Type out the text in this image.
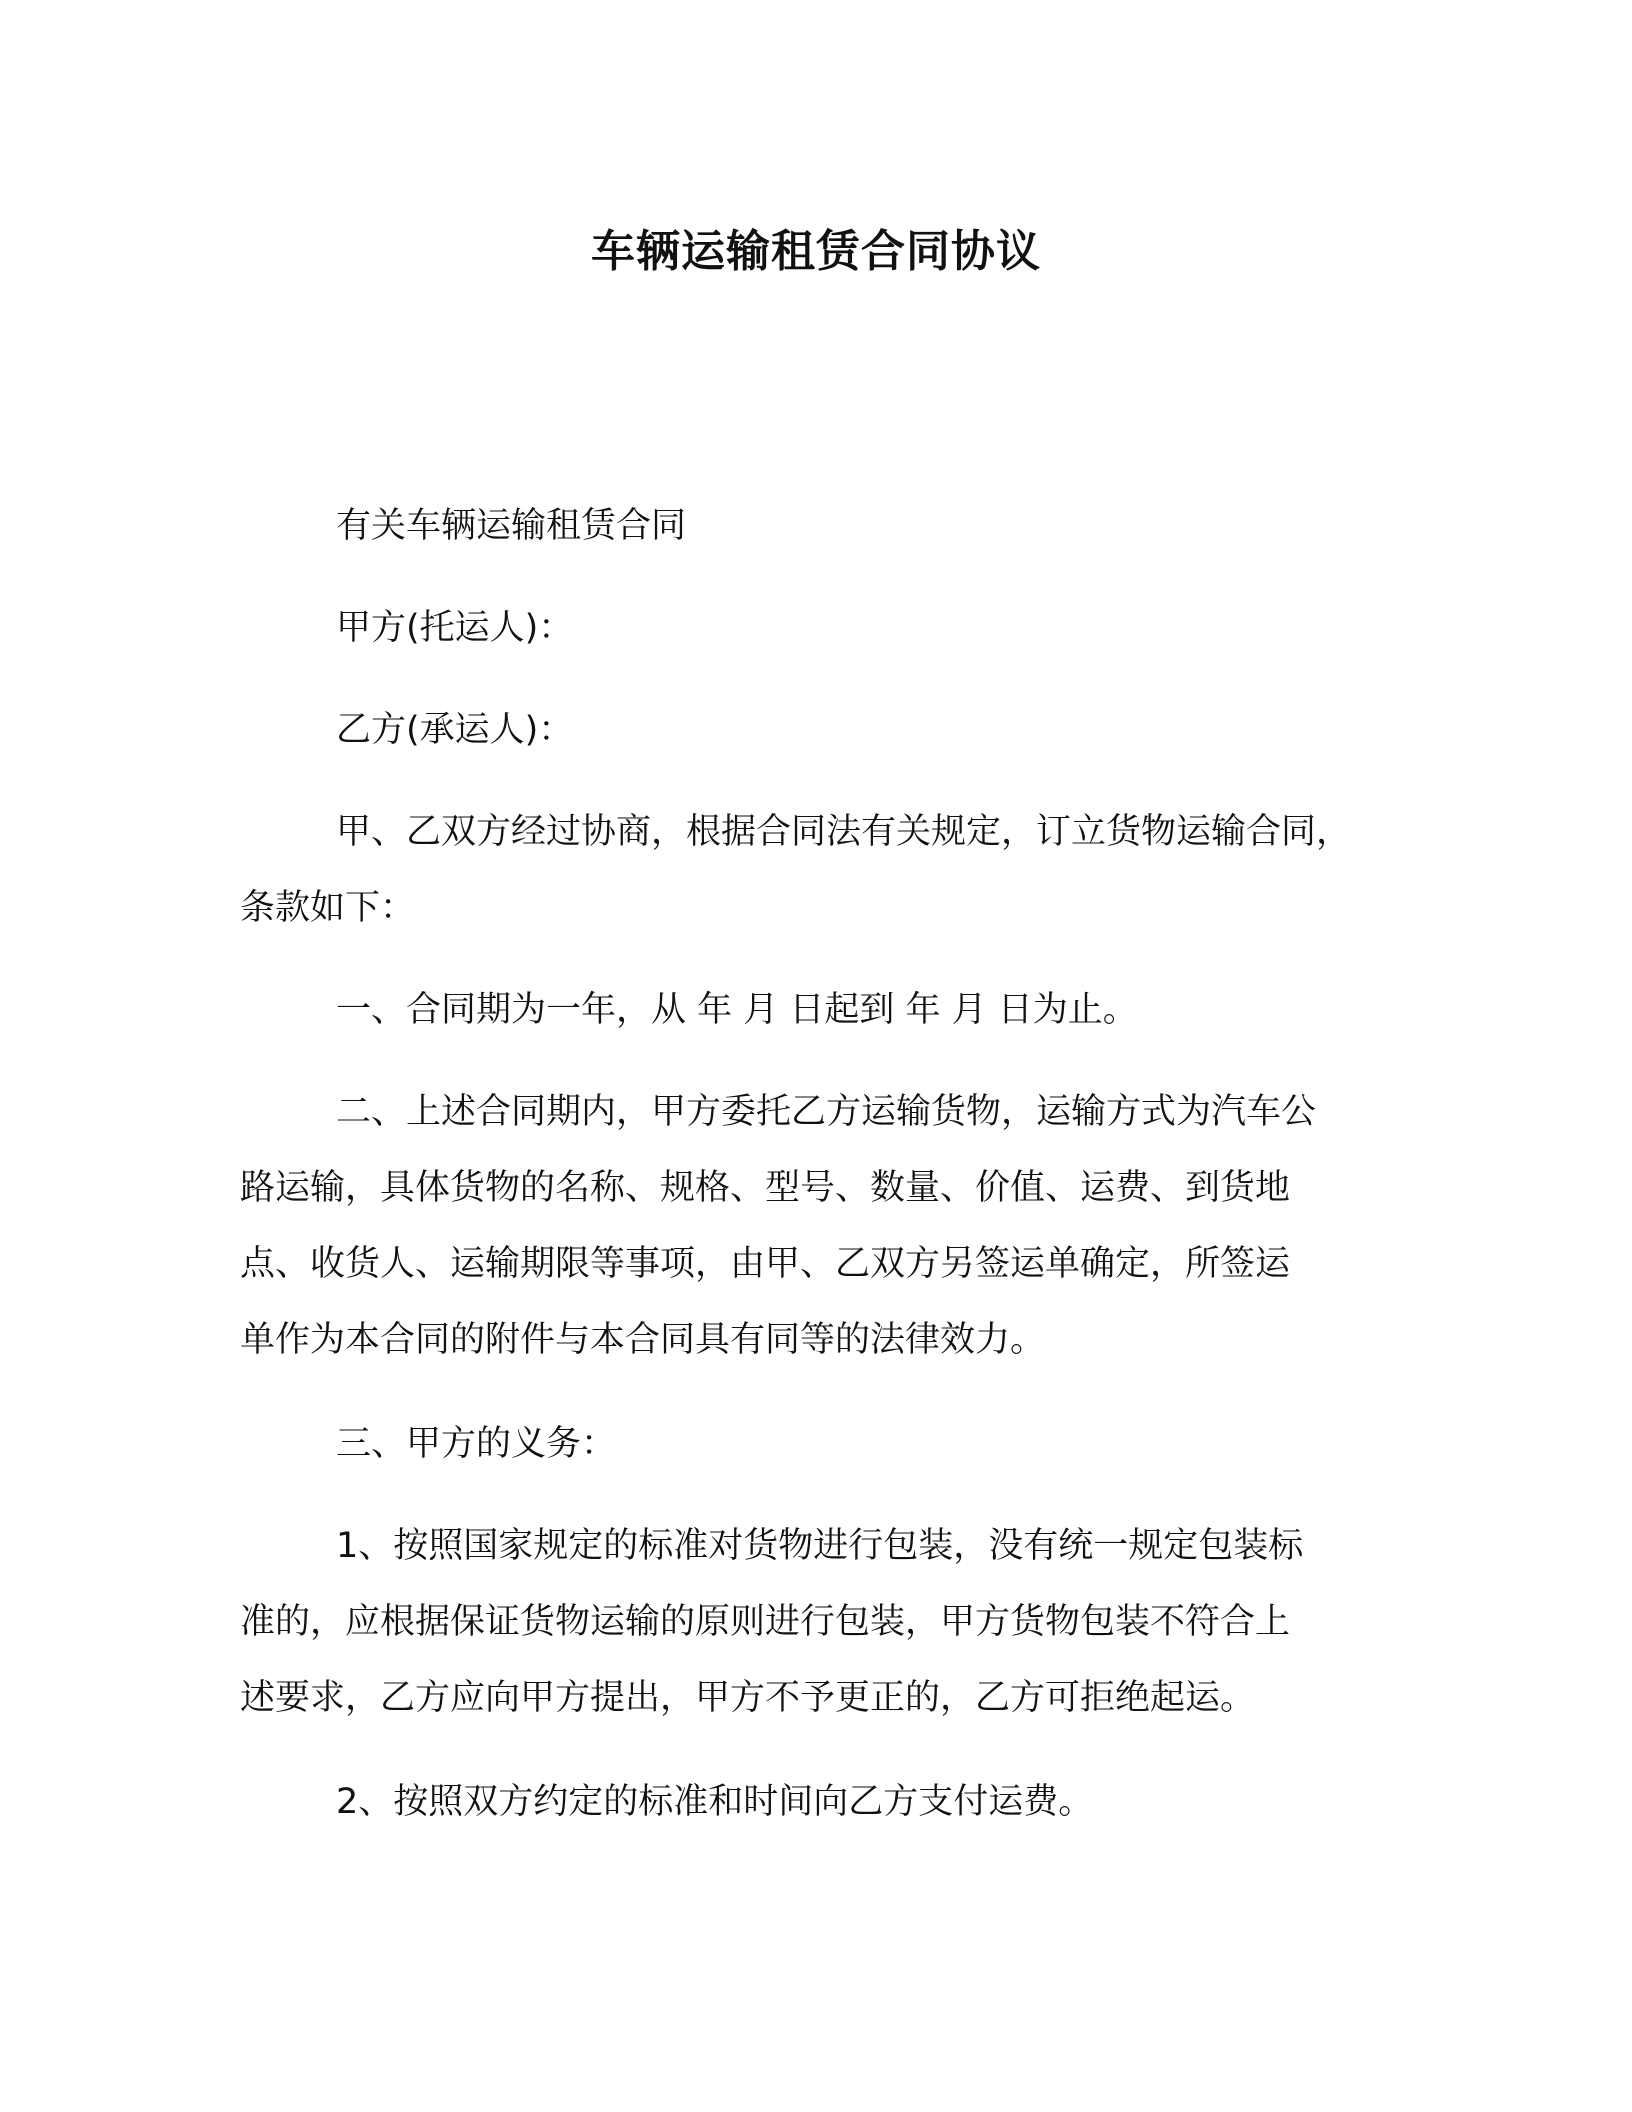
车辆运输租赁合同协议
有关车辆运输租赁合同
甲方(托运人)：
乙方(承运人)：
甲、乙双方经过协商，根据合同法有关规定，订立货物运输合同，
条款如下：
一、合同期为一年，从 年 月 日起到 年 月 日为止。
二、上述合同期内，甲方委托乙方运输货物，运输方式为汽车公
路运输，具体货物的名称、规格、型号、数量、价值、运费、到货地
点、收货人、运输期限等事项，由甲、乙双方另签运单确定，所签运
单作为本合同的附件与本合同具有同等的法律效力。
三、甲方的义务：
1、按照国家规定的标准对货物进行包装，没有统一规定包装标
准的，应根据保证货物运输的原则进行包装，甲方货物包装不符合上
述要求，乙方应向甲方提出，甲方不予更正的，乙方可拒绝起运。
2、按照双方约定的标准和时间向乙方支付运费。
